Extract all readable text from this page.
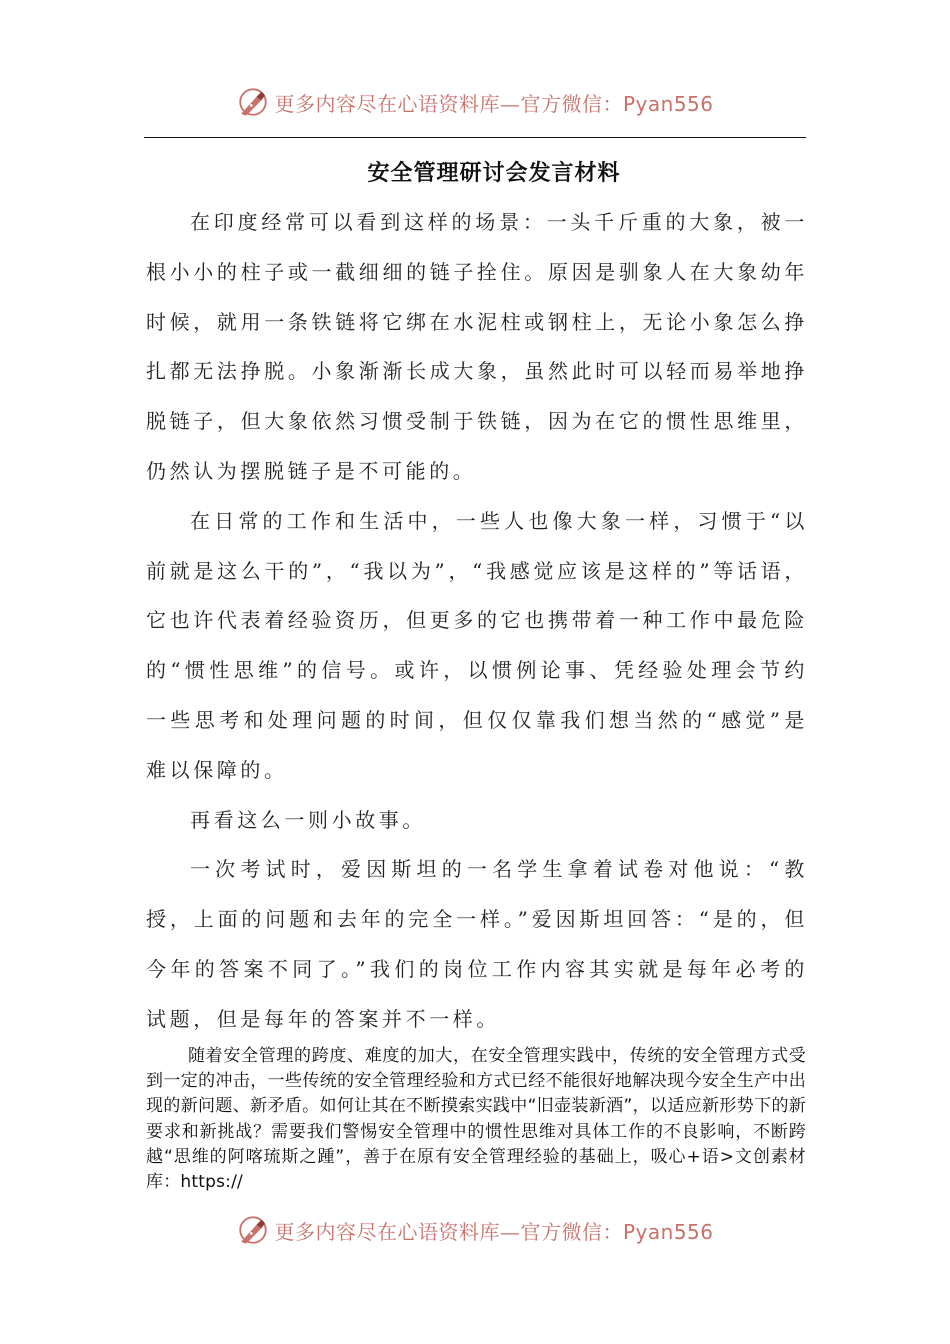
更多内容尽在心语资料库—官方微信：Pyan556
安全管理研讨会发言材料

在印度经常可以看到这样的场景：一头千斤重的大象，被一根小小的柱子或一截细细的链子拴住。原因是驯象人在大象幼年时候，就用一条铁链将它绑在水泥柱或钢柱上，无论小象怎么挣扎都无法挣脱。小象渐渐长成大象，虽然此时可以轻而易举地挣脱链子，但大象依然习惯受制于铁链，因为在它的惯性思维里，仍然认为摆脱链子是不可能的。

在日常的工作和生活中，一些人也像大象一样，习惯于“以前就是这么干的”，“我以为”，“我感觉应该是这样的”等话语，它也许代表着经验资历，但更多的它也携带着一种工作中最危险的“惯性思维”的信号。或许，以惯例论事、凭经验处理会节约一些思考和处理问题的时间，但仅仅靠我们想当然的“感觉”是难以保障的。

再看这么一则小故事。

一次考试时，爱因斯坦的一名学生拿着试卷对他说：“教授，上面的问题和去年的完全一样。”爱因斯坦回答：“是的，但今年的答案不同了。”我们的岗位工作内容其实就是每年必考的试题，但是每年的答案并不一样。

随着安全管理的跨度、难度的加大，在安全管理实践中，传统的安全管理方式受到一定的冲击，一些传统的安全管理经验和方式已经不能很好地解决现今安全生产中出现的新问题、新矛盾。如何让其在不断摸索实践中“旧壶装新酒”，以适应新形势下的新要求和新挑战？需要我们警惕安全管理中的惯性思维对具体工作的不良影响，不断跨越“思维的阿喀琉斯之踵”，善于在原有安全管理经验的基础上，吸心+语>文创素材库：https://

更多内容尽在心语资料库—官方微信：Pyan556
